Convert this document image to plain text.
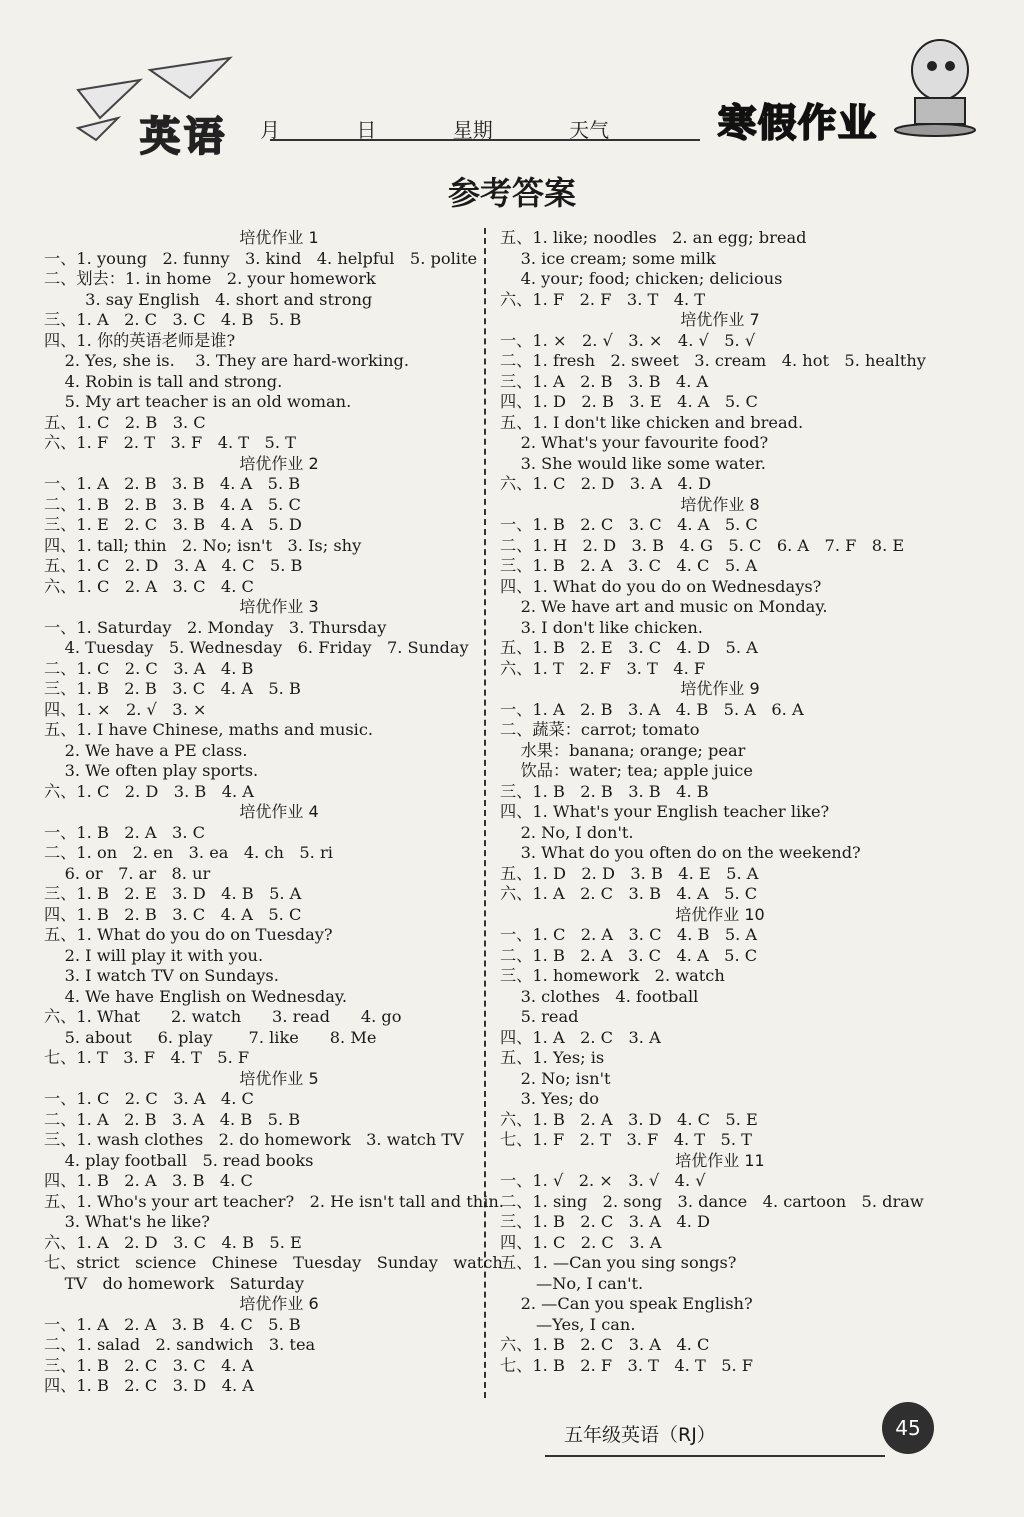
英语 月	日	星期	天气	寒假作业
参考答案
培优作业 1
一、1. young   2. funny   3. kind   4. helpful   5. polite
二、划去：1. in home   2. your homework
3. say English   4. short and strong
三、1. A   2. C   3. C   4. B   5. B
四、1. 你的英语老师是谁?
2. Yes, she is.    3. They are hard-working.
4. Robin is tall and strong.
5. My art teacher is an old woman.
五、1. C   2. B   3. C
六、1. F   2. T   3. F   4. T   5. T
培优作业 2
一、1. A   2. B   3. B   4. A   5. B
二、1. B   2. B   3. B   4. A   5. C
三、1. E   2. C   3. B   4. A   5. D
四、1. tall; thin   2. No; isn't   3. Is; shy
五、1. C   2. D   3. A   4. C   5. B
六、1. C   2. A   3. C   4. C
培优作业 3
一、1. Saturday   2. Monday   3. Thursday
4. Tuesday   5. Wednesday   6. Friday   7. Sunday
二、1. C   2. C   3. A   4. B
三、1. B   2. B   3. C   4. A   5. B
四、1. ×   2. √   3. ×
五、1. I have Chinese, maths and music.
2. We have a PE class.
3. We often play sports.
六、1. C   2. D   3. B   4. A
培优作业 4
一、1. B   2. A   3. C
二、1. on   2. en   3. ea   4. ch   5. ri
6. or   7. ar   8. ur
三、1. B   2. E   3. D   4. B   5. A
四、1. B   2. B   3. C   4. A   5. C
五、1. What do you do on Tuesday?
2. I will play it with you.
3. I watch TV on Sundays.
4. We have English on Wednesday.
六、1. What      2. watch      3. read      4. go
5. about     6. play       7. like      8. Me
七、1. T   3. F   4. T   5. F
培优作业 5
一、1. C   2. C   3. A   4. C
二、1. A   2. B   3. A   4. B   5. B
三、1. wash clothes   2. do homework   3. watch TV
4. play football   5. read books
四、1. B   2. A   3. B   4. C
五、1. Who's your art teacher?   2. He isn't tall and thin.
3. What's he like?
六、1. A   2. D   3. C   4. B   5. E
七、strict   science   Chinese   Tuesday   Sunday   watch
TV   do homework   Saturday
培优作业 6
一、1. A   2. A   3. B   4. C   5. B
二、1. salad   2. sandwich   3. tea
三、1. B   2. C   3. C   4. A
四、1. B   2. C   3. D   4. A
五、1. like; noodles   2. an egg; bread
3. ice cream; some milk
4. your; food; chicken; delicious
六、1. F   2. F   3. T   4. T
培优作业 7
一、1. ×   2. √   3. ×   4. √   5. √
二、1. fresh   2. sweet   3. cream   4. hot   5. healthy
三、1. A   2. B   3. B   4. A
四、1. D   2. B   3. E   4. A   5. C
五、1. I don't like chicken and bread.
2. What's your favourite food?
3. She would like some water.
六、1. C   2. D   3. A   4. D
培优作业 8
一、1. B   2. C   3. C   4. A   5. C
二、1. H   2. D   3. B   4. G   5. C   6. A   7. F   8. E
三、1. B   2. A   3. C   4. C   5. A
四、1. What do you do on Wednesdays?
2. We have art and music on Monday.
3. I don't like chicken.
五、1. B   2. E   3. C   4. D   5. A
六、1. T   2. F   3. T   4. F
培优作业 9
一、1. A   2. B   3. A   4. B   5. A   6. A
二、蔬菜：carrot; tomato
水果：banana; orange; pear
饮品：water; tea; apple juice
三、1. B   2. B   3. B   4. B
四、1. What's your English teacher like?
2. No, I don't.
3. What do you often do on the weekend?
五、1. D   2. D   3. B   4. E   5. A
六、1. A   2. C   3. B   4. A   5. C
培优作业 10
一、1. C   2. A   3. C   4. B   5. A
二、1. B   2. A   3. C   4. A   5. C
三、1. homework   2. watch
3. clothes   4. football
5. read
四、1. A   2. C   3. A
五、1. Yes; is
2. No; isn't
3. Yes; do
六、1. B   2. A   3. D   4. C   5. E
七、1. F   2. T   3. F   4. T   5. T
培优作业 11
一、1. √   2. ×   3. √   4. √
二、1. sing   2. song   3. dance   4. cartoon   5. draw
三、1. B   2. C   3. A   4. D
四、1. C   2. C   3. A
五、1. —Can you sing songs?
—No, I can't.
2. —Can you speak English?
—Yes, I can.
六、1. B   2. C   3. A   4. C
七、1. B   2. F   3. T   4. T   5. F
五年级英语（RJ）	45
